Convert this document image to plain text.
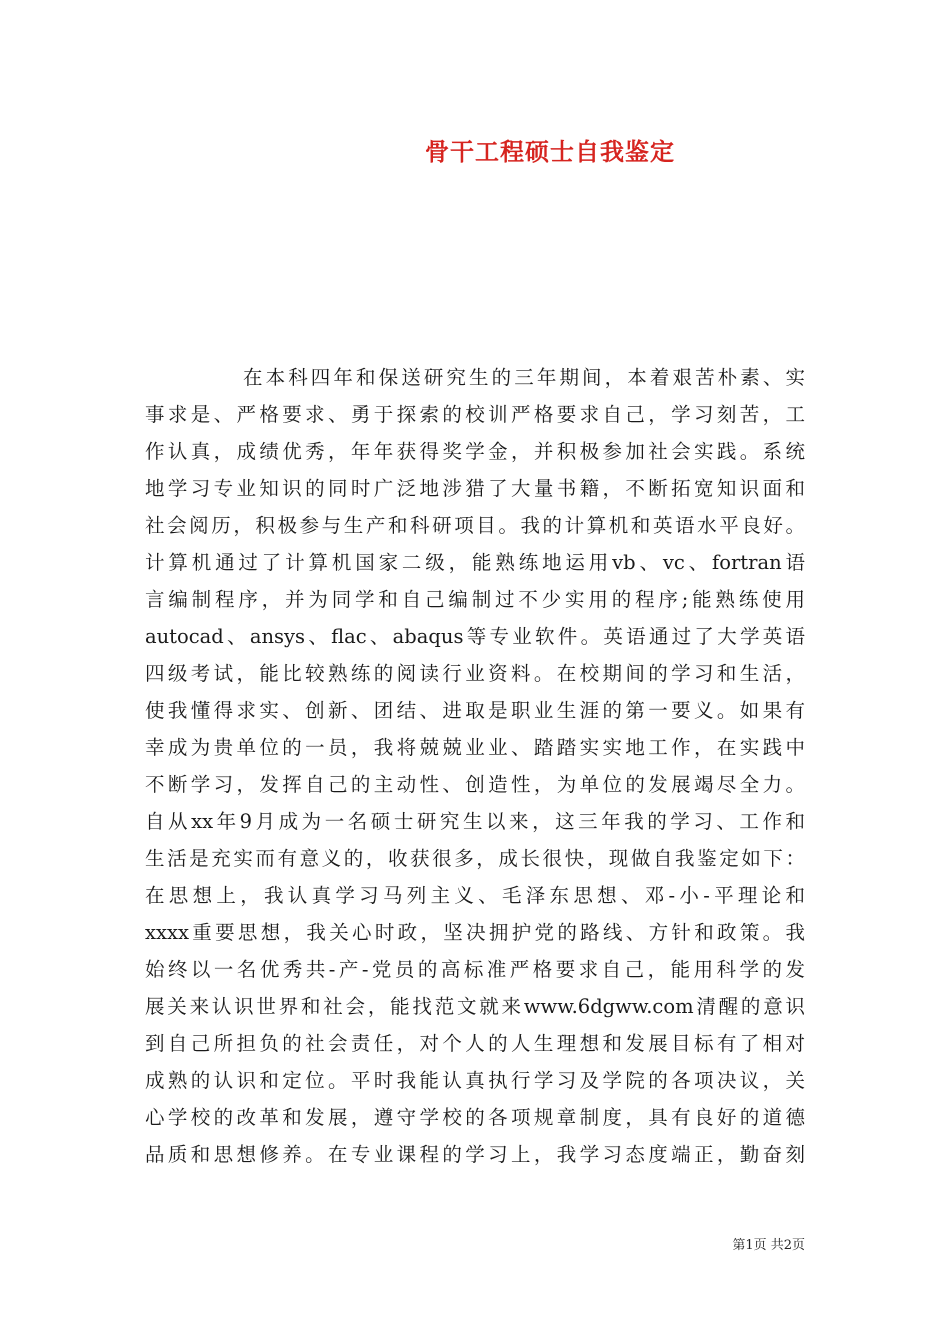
骨干工程硕士自我鉴定
在本科四年和保送研究生的三年期间，本着艰苦朴素、实
事求是、严格要求、勇于探索的校训严格要求自己，学习刻苦，工
作认真，成绩优秀，年年获得奖学金，并积极参加社会实践。系统
地学习专业知识的同时广泛地涉猎了大量书籍，不断拓宽知识面和
社会阅历，积极参与生产和科研项目。我的计算机和英语水平良好。
计算机通过了计算机国家二级，能熟练地运用vb、vc、fortran语
言编制程序，并为同学和自己编制过不少实用的程序;能熟练使用
autocad、ansys、flac、abaqus等专业软件。英语通过了大学英语
四级考试，能比较熟练的阅读行业资料。在校期间的学习和生活，
使我懂得求实、创新、团结、进取是职业生涯的第一要义。如果有
幸成为贵单位的一员，我将兢兢业业、踏踏实实地工作，在实践中
不断学习，发挥自己的主动性、创造性，为单位的发展竭尽全力。
自从xx年9月成为一名硕士研究生以来，这三年我的学习、工作和
生活是充实而有意义的，收获很多，成长很快，现做自我鉴定如下：
在思想上，我认真学习马列主义、毛泽东思想、邓-小-平理论和
xxxx重要思想，我关心时政，坚决拥护党的路线、方针和政策。我
始终以一名优秀共-产-党员的高标准严格要求自己，能用科学的发
展关来认识世界和社会，能找范文就来www.6dgww.com清醒的意识
到自己所担负的社会责任，对个人的人生理想和发展目标有了相对
成熟的认识和定位。平时我能认真执行学习及学院的各项决议，关
心学校的改革和发展，遵守学校的各项规章制度，具有良好的道德
品质和思想修养。在专业课程的学习上，我学习态度端正，勤奋刻
第1页 共2页
